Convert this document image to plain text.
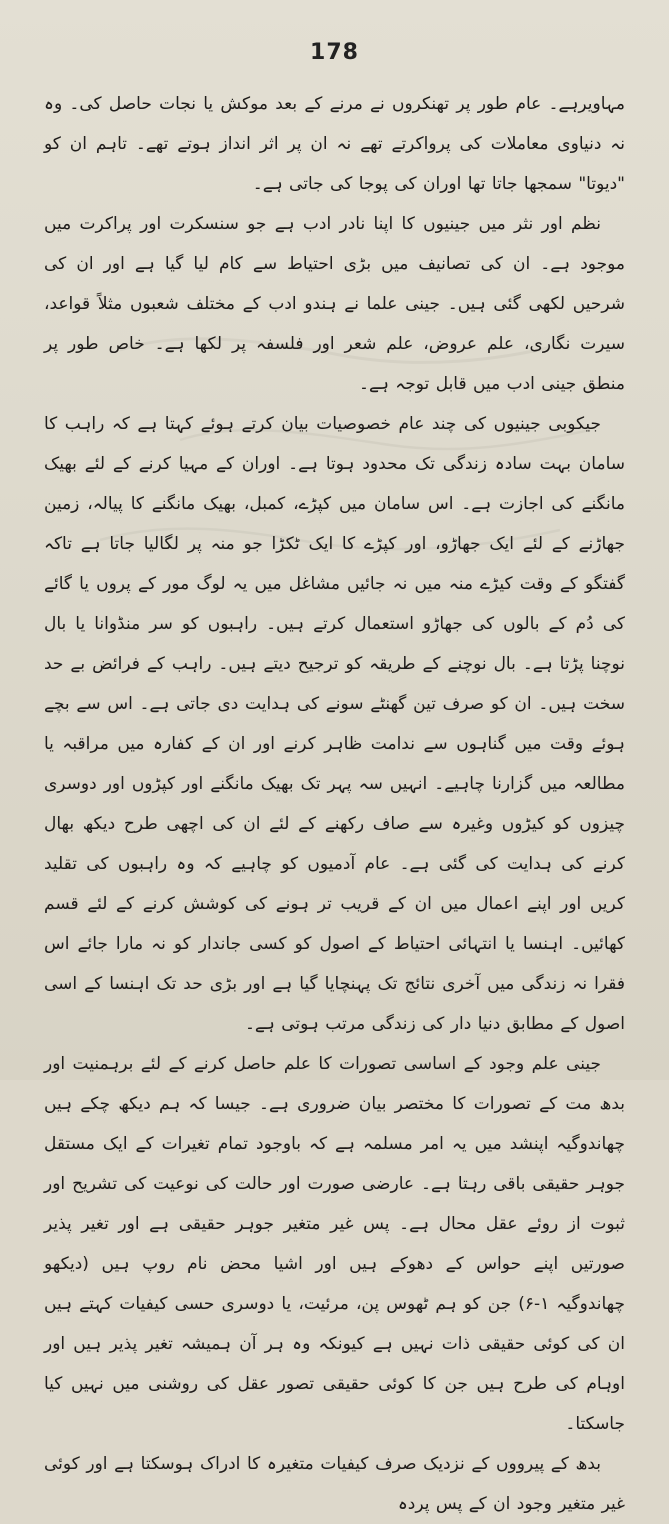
178

مہاویرہے۔ عام طور پر تھنکروں نے مرنے کے بعد موکش یا نجات حاصل کی۔ وہ نہ دنیاوی معاملات کی پرواکرتے تھے نہ ان پر اثر انداز ہوتے تھے۔ تاہم ان کو "دیوتا" سمجھا جاتا تھا اوران کی پوجا کی جاتی ہے۔

نظم اور نثر میں جینیوں کا اپنا نادر ادب ہے جو سنسکرت اور پراکرت میں موجود ہے۔ ان کی تصانیف میں بڑی احتیاط سے کام لیا گیا ہے اور ان کی شرحیں لکھی گئی ہیں۔ جینی علما نے ہندو ادب کے مختلف شعبوں مثلاً قواعد، سیرت نگاری، علم عروض، علم شعر اور فلسفہ پر لکھا ہے۔ خاص طور پر منطق جینی ادب میں قابل توجہ ہے۔

جیکوبی جینیوں کی چند عام خصوصیات بیان کرتے ہوئے کہتا ہے کہ راہب کا سامان بہت سادہ زندگی تک محدود ہوتا ہے۔ اوران کے مہیا کرنے کے لئے بھیک مانگنے کی اجازت ہے۔ اس سامان میں کپڑے، کمبل، بھیک مانگنے کا پیالہ، زمین جھاڑنے کے لئے ایک جھاڑو، اور کپڑے کا ایک ٹکڑا جو منہ پر لگالیا جاتا ہے تاکہ گفتگو کے وقت کیڑے منہ میں نہ جائیں مشاغل میں یہ لوگ مور کے پروں یا گائے کی دُم کے بالوں کی جھاڑو استعمال کرتے ہیں۔ راہبوں کو سر منڈوانا یا بال نوچنا پڑتا ہے۔ بال نوچنے کے طریقہ کو ترجیح دیتے ہیں۔ راہب کے فرائض بے حد سخت ہیں۔ ان کو صرف تین گھنٹے سونے کی ہدایت دی جاتی ہے۔ اس سے بچے ہوئے وقت میں گناہوں سے ندامت ظاہر کرنے اور ان کے کفارہ میں مراقبہ یا مطالعہ میں گزارنا چاہیے۔ انہیں سہ پہر تک بھیک مانگنے اور کپڑوں اور دوسری چیزوں کو کیڑوں وغیرہ سے صاف رکھنے کے لئے ان کی اچھی طرح دیکھ بھال کرنے کی ہدایت کی گئی ہے۔ عام آدمیوں کو چاہیے کہ وہ راہبوں کی تقلید کریں اور اپنے اعمال میں ان کے قریب تر ہونے کی کوشش کرنے کے لئے قسم کھائیں۔ اہنسا یا انتہائی احتیاط کے اصول کو کسی جاندار کو نہ مارا جائے اس فقرا نہ زندگی میں آخری نتائج تک پہنچایا گیا ہے اور بڑی حد تک اہنسا کے اسی اصول کے مطابق دنیا دار کی زندگی مرتب ہوتی ہے۔

جینی علم وجود کے اساسی تصورات کا علم حاصل کرنے کے لئے برہمنیت اور بدھ مت کے تصورات کا مختصر بیان ضروری ہے۔ جیسا کہ ہم دیکھ چکے ہیں چھاندوگیہ اپنشد میں یہ امر مسلمہ ہے کہ باوجود تمام تغیرات کے ایک مستقل جوہر حقیقی باقی رہتا ہے۔ عارضی صورت اور حالت کی نوعیت کی تشریح اور ثبوت از روئے عقل محال ہے۔ پس غیر متغیر جوہر حقیقی ہے اور تغیر پذیر صورتیں اپنے حواس کے دھوکے ہیں اور اشیا محض نام روپ ہیں (دیکھو چھاندوگیہ ۱-۶) جن کو ہم ٹھوس پن، مرئیت، یا دوسری حسی کیفیات کہتے ہیں ان کی کوئی حقیقی ذات نہیں ہے کیونکہ وہ ہر آن ہمیشہ تغیر پذیر ہیں اور اوہام کی طرح ہیں جن کا کوئی حقیقی تصور عقل کی روشنی میں نہیں کیا جاسکتا۔

بدھ کے پیرووں کے نزدیک صرف کیفیات متغیرہ کا ادراک ہوسکتا ہے اور کوئی غیر متغیر وجود ان کے پس پردہ
